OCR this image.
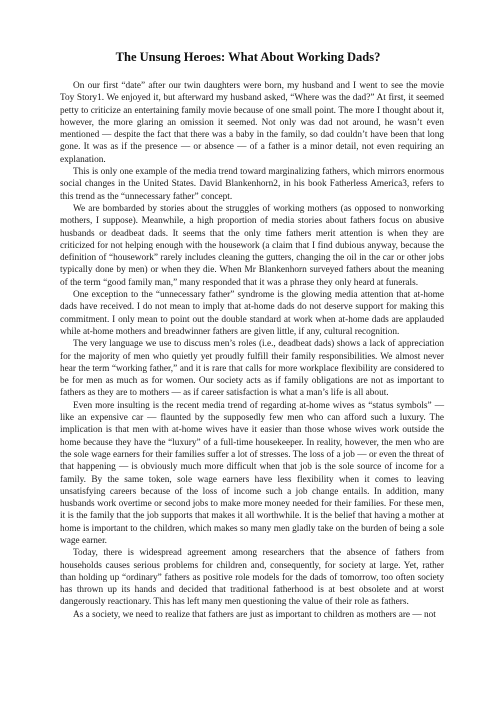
The Unsung Heroes: What About Working Dads?

On our first “date” after our twin daughters were born, my husband and I went to see the movie Toy Story1. We enjoyed it, but afterward my husband asked, “Where was the dad?” At first, it seemed petty to criticize an entertaining family movie because of one small point. The more I thought about it, however, the more glaring an omission it seemed. Not only was dad not around, he wasn’t even mentioned — despite the fact that there was a baby in the family, so dad couldn’t have been that long gone. It was as if the presence — or absence — of a father is a minor detail, not even requiring an explanation.

This is only one example of the media trend toward marginalizing fathers, which mirrors enormous social changes in the United States. David Blankenhorn2, in his book Fatherless America3, refers to this trend as the “unnecessary father” concept.

We are bombarded by stories about the struggles of working mothers (as opposed to nonworking mothers, I suppose). Meanwhile, a high proportion of media stories about fathers focus on abusive husbands or deadbeat dads. It seems that the only time fathers merit attention is when they are criticized for not helping enough with the housework (a claim that I find dubious anyway, because the definition of “housework” rarely includes cleaning the gutters, changing the oil in the car or other jobs typically done by men) or when they die. When Mr Blankenhorn surveyed fathers about the meaning of the term “good family man,” many responded that it was a phrase they only heard at funerals.

One exception to the “unnecessary father” syndrome is the glowing media attention that at-home dads have received. I do not mean to imply that at-home dads do not deserve support for making this commitment. I only mean to point out the double standard at work when at-home dads are applauded while at-home mothers and breadwinner fathers are given little, if any, cultural recognition.

The very language we use to discuss men’s roles (i.e., deadbeat dads) shows a lack of appreciation for the majority of men who quietly yet proudly fulfill their family responsibilities. We almost never hear the term “working father,” and it is rare that calls for more workplace flexibility are considered to be for men as much as for women. Our society acts as if family obligations are not as important to fathers as they are to mothers — as if career satisfaction is what a man’s life is all about.

Even more insulting is the recent media trend of regarding at-home wives as “status symbols” — like an expensive car — flaunted by the supposedly few men who can afford such a luxury. The implication is that men with at-home wives have it easier than those whose wives work outside the home because they have the “luxury” of a full-time housekeeper. In reality, however, the men who are the sole wage earners for their families suffer a lot of stresses. The loss of a job — or even the threat of that happening — is obviously much more difficult when that job is the sole source of income for a family. By the same token, sole wage earners have less flexibility when it comes to leaving unsatisfying careers because of the loss of income such a job change entails. In addition, many husbands work overtime or second jobs to make more money needed for their families. For these men, it is the family that the job supports that makes it all worthwhile. It is the belief that having a mother at home is important to the children, which makes so many men gladly take on the burden of being a sole wage earner.

Today, there is widespread agreement among researchers that the absence of fathers from households causes serious problems for children and, consequently, for society at large. Yet, rather than holding up “ordinary” fathers as positive role models for the dads of tomorrow, too often society has thrown up its hands and decided that traditional fatherhood is at best obsolete and at worst dangerously reactionary. This has left many men questioning the value of their role as fathers.

As a society, we need to realize that fathers are just as important to children as mothers are — not
